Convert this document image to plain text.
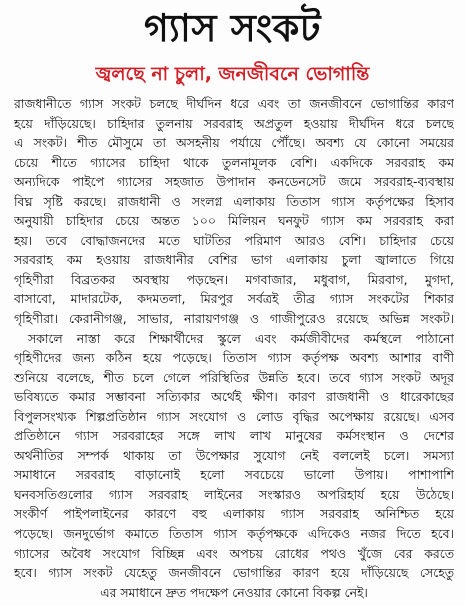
গ্যাস সংকট
জ্বলছে না চুলা, জনজীবনে ভোগান্তি
রাজধানীতে গ্যাস সংকট চলছে দীর্ঘদিন ধরে এবং তা জনজীবনে ভোগান্তির কারণ
হয়ে দাঁড়িয়েছে। চাহিদার তুলনায় সরবরাহ অপ্রতুল হওয়ায় দীর্ঘদিন ধরে চলছে
এ সংকট। শীত মৌসুমে তা অসহনীয় পর্যায়ে পৌঁছে। অবশ্য যে কোনো সময়ের
চেয়ে শীতে গ্যাসের চাহিদা থাকে তুলনামূলক বেশি। একদিকে সরবরাহ কম
অন্যদিকে পাইপে গ্যাসের সহজাত উপাদান কনডেনসেট জমে সরবরাহ-ব্যবস্থায়
বিঘ্ন সৃষ্টি করছে। রাজধানী ও সংলগ্ন এলাকায় তিতাস গ্যাস কর্তৃপক্ষের হিসাব
অনুযায়ী চাহিদার চেয়ে অন্তত ১০০ মিলিয়ন ঘনফুট গ্যাস কম সরবরাহ করা
হয়। তবে বোদ্ধাজনদের মতে ঘাটতির পরিমাণ আরও বেশি। চাহিদার চেয়ে
সরবরাহ কম হওয়ায় রাজধানীর বেশির ভাগ এলাকায় চুলা জ্বালাতে গিয়ে
গৃহিণীরা বিব্রতকর অবস্থায় পড়ছেন। মগবাজার, মধুবাগ, মিরবাগ, মুগদা,
বাসাবো, মাদারটেক, কদমতলা, মিরপুর সর্বত্রই তীব্র গ্যাস সংকটের শিকার
গৃহিণীরা। কেরানীগঞ্জ, সাভার, নারায়ণগঞ্জ ও গাজীপুরেও রয়েছে অভিন্ন সংকট।
সকালে নাস্তা করে শিক্ষার্থীদের স্কুলে এবং কর্মজীবীদের কর্মস্থলে পাঠানো
গৃহিণীদের জন্য কঠিন হয়ে পড়েছে। তিতাস গ্যাস কর্তৃপক্ষ অবশ্য আশার বাণী
শুনিয়ে বলেছে, শীত চলে গেলে পরিস্থিতির উন্নতি হবে। তবে গ্যাস সংকট অদূর
ভবিষ্যতে কমার সম্ভাবনা সত্যিকার অর্থেই ক্ষীণ। কারণ রাজধানী ও ধারেকাছের
বিপুলসংখ্যক শিল্পপ্রতিষ্ঠান গ্যাস সংযোগ ও লোড বৃদ্ধির অপেক্ষায় রয়েছে। এসব
প্রতিষ্ঠানে গ্যাস সরবরাহের সঙ্গে লাখ লাখ মানুষের কর্মসংস্থান ও দেশের
অর্থনীতির সম্পর্ক থাকায় তা উপেক্ষার সুযোগ নেই বললেই চলে। সমস্যা
সমাধানে সরবরাহ বাড়ানোই হলো সবচেয়ে ভালো উপায়। পাশাপাশি
ঘনবসতিগুলোর গ্যাস সরবরাহ লাইনের সংস্কারও অপরিহার্য হয়ে উঠেছে।
সংকীর্ণ পাইপলাইনের কারণে বহু এলাকায় গ্যাস সরবরাহ অনিশ্চিত হয়ে
পড়েছে। জনদুর্ভোগ কমাতে তিতাস গ্যাস কর্তৃপক্ষকে এদিকেও নজর দিতে হবে।
গ্যাসের অবৈধ সংযোগ বিচ্ছিন্ন এবং অপচয় রোধের পথও খুঁজে বের করতে
হবে। গ্যাস সংকট যেহেতু জনজীবনে ভোগান্তির কারণ হয়ে দাঁড়িয়েছে সেহেতু
এর সমাধানে দ্রুত পদক্ষেপ নেওয়ার কোনো বিকল্প নেই।
